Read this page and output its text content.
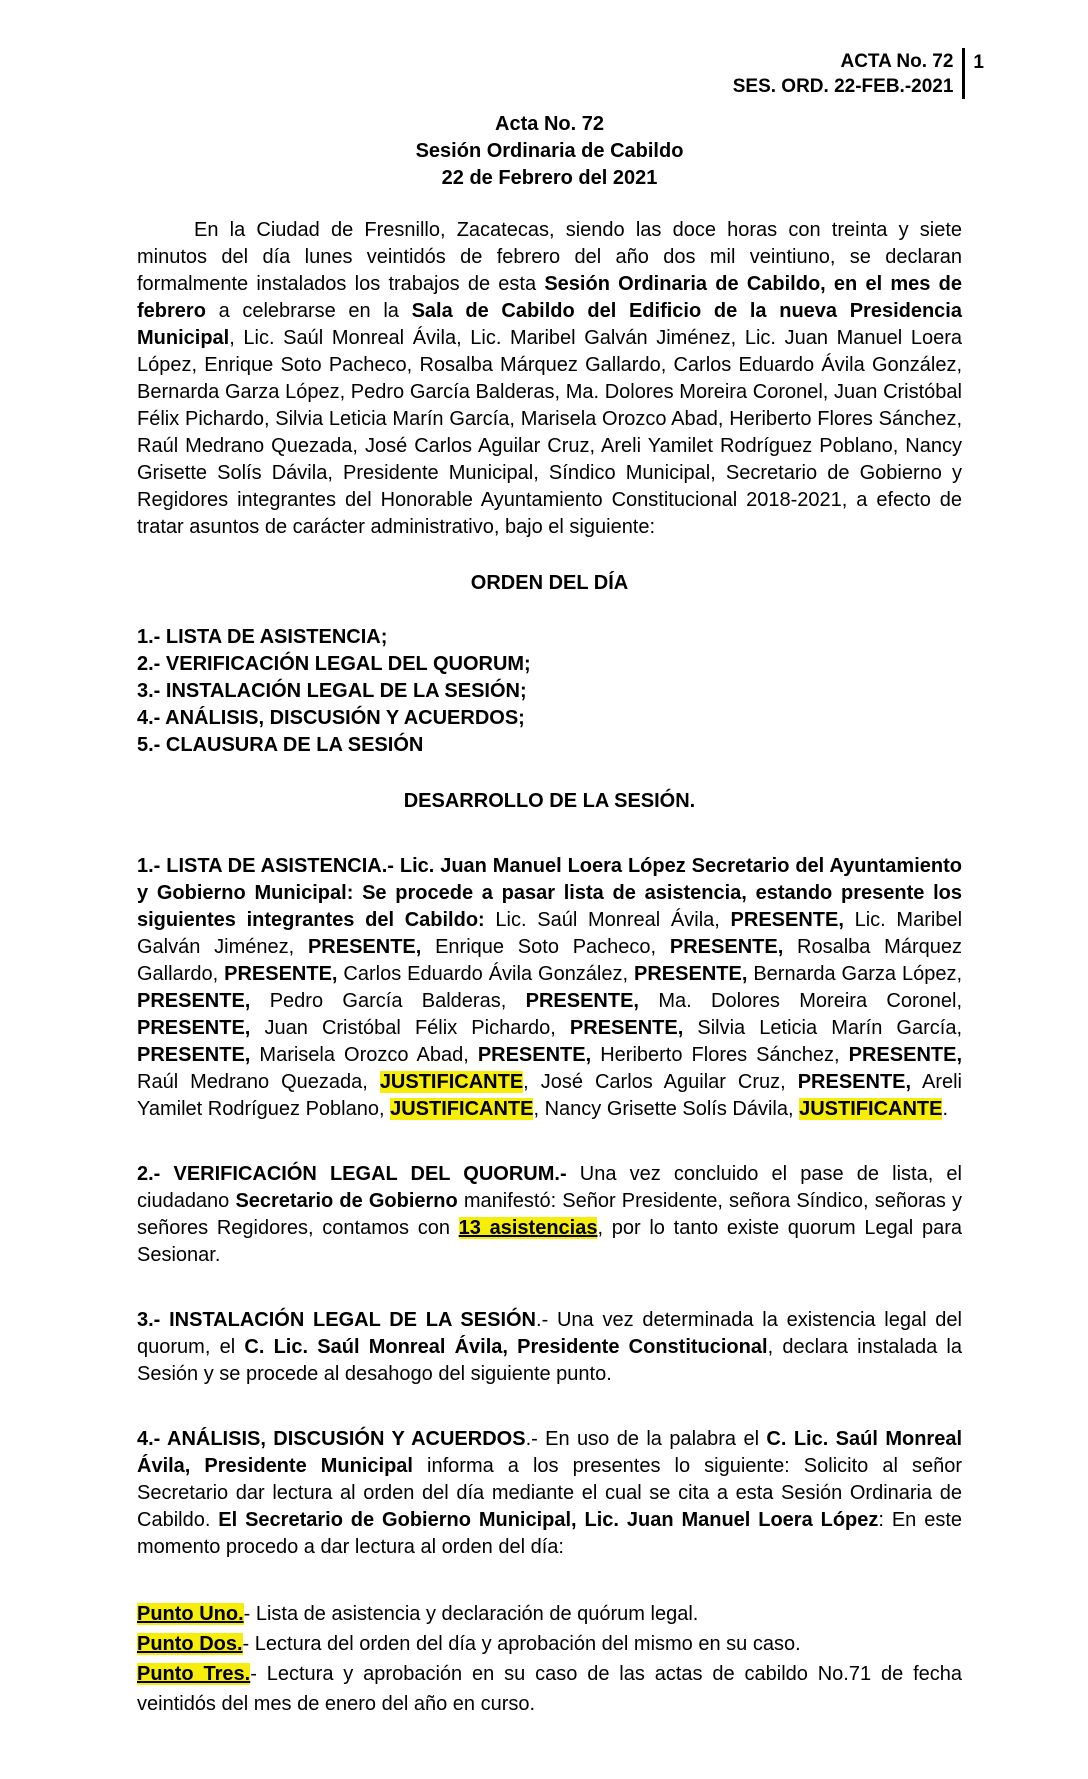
ACTA No. 72
SES. ORD. 22-FEB.-2021
1
Acta No. 72
Sesión Ordinaria de Cabildo
22 de Febrero del 2021

En la Ciudad de Fresnillo, Zacatecas, siendo las doce horas con treinta y siete minutos del día lunes veintidós de febrero del año dos mil veintiuno, se declaran formalmente instalados los trabajos de esta Sesión Ordinaria de Cabildo, en el mes de febrero a celebrarse en la Sala de Cabildo del Edificio de la nueva Presidencia Municipal, Lic. Saúl Monreal Ávila, Lic. Maribel Galván Jiménez, Lic. Juan Manuel Loera López, Enrique Soto Pacheco, Rosalba Márquez Gallardo, Carlos Eduardo Ávila González, Bernarda Garza López, Pedro García Balderas, Ma. Dolores Moreira Coronel, Juan Cristóbal Félix Pichardo, Silvia Leticia Marín García, Marisela Orozco Abad, Heriberto Flores Sánchez, Raúl Medrano Quezada, José Carlos Aguilar Cruz, Areli Yamilet Rodríguez Poblano, Nancy Grisette Solís Dávila, Presidente Municipal, Síndico Municipal, Secretario de Gobierno y Regidores integrantes del Honorable Ayuntamiento Constitucional 2018-2021, a efecto de tratar asuntos de carácter administrativo, bajo el siguiente:

ORDEN DEL DÍA
1.- LISTA DE ASISTENCIA;
2.- VERIFICACIÓN LEGAL DEL QUORUM;
3.- INSTALACIÓN LEGAL DE LA SESIÓN;
4.- ANÁLISIS, DISCUSIÓN Y ACUERDOS;
5.- CLAUSURA DE LA SESIÓN
DESARROLLO DE LA SESIÓN.

1.- LISTA DE ASISTENCIA.- Lic. Juan Manuel Loera López Secretario del Ayuntamiento y Gobierno Municipal: Se procede a pasar lista de asistencia, estando presente los siguientes integrantes del Cabildo: Lic. Saúl Monreal Ávila, PRESENTE, Lic. Maribel Galván Jiménez, PRESENTE, Enrique Soto Pacheco, PRESENTE, Rosalba Márquez Gallardo, PRESENTE, Carlos Eduardo Ávila González, PRESENTE, Bernarda Garza López, PRESENTE, Pedro García Balderas, PRESENTE, Ma. Dolores Moreira Coronel, PRESENTE, Juan Cristóbal Félix Pichardo, PRESENTE, Silvia Leticia Marín García, PRESENTE, Marisela Orozco Abad, PRESENTE, Heriberto Flores Sánchez, PRESENTE, Raúl Medrano Quezada, JUSTIFICANTE, José Carlos Aguilar Cruz, PRESENTE, Areli Yamilet Rodríguez Poblano, JUSTIFICANTE, Nancy Grisette Solís Dávila, JUSTIFICANTE.

2.- VERIFICACIÓN LEGAL DEL QUORUM.- Una vez concluido el pase de lista, el ciudadano Secretario de Gobierno manifestó: Señor Presidente, señora Síndico, señoras y señores Regidores, contamos con 13 asistencias, por lo tanto existe quorum Legal para Sesionar.

3.- INSTALACIÓN LEGAL DE LA SESIÓN.- Una vez determinada la existencia legal del quorum, el C. Lic. Saúl Monreal Ávila, Presidente Constitucional, declara instalada la Sesión y se procede al desahogo del siguiente punto.

4.- ANÁLISIS, DISCUSIÓN Y ACUERDOS.- En uso de la palabra el C. Lic. Saúl Monreal Ávila, Presidente Municipal informa a los presentes lo siguiente: Solicito al señor Secretario dar lectura al orden del día mediante el cual se cita a esta Sesión Ordinaria de Cabildo. El Secretario de Gobierno Municipal, Lic. Juan Manuel Loera López: En este momento procedo a dar lectura al orden del día:

Punto Uno.- Lista de asistencia y declaración de quórum legal.

Punto Dos.- Lectura del orden del día y aprobación del mismo en su caso.

Punto Tres.- Lectura y aprobación en su caso de las actas de cabildo No.71 de fecha veintidós del mes de enero del año en curso.
